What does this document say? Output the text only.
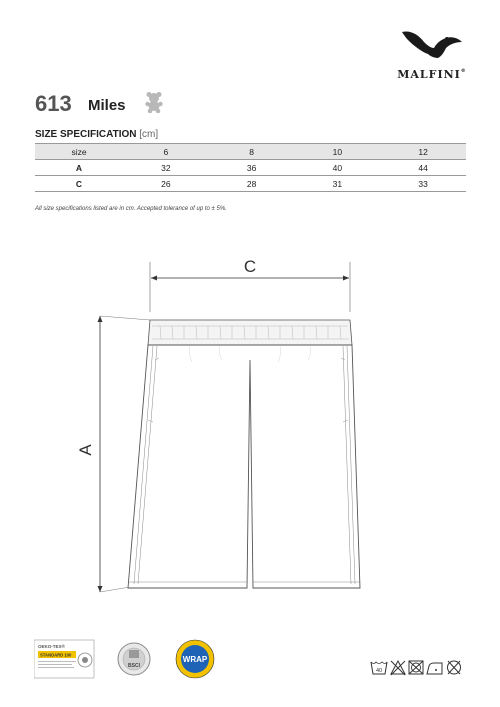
MALFINI®
613 Miles
SIZE SPECIFICATION [cm]
size	6	8	10	12
A	32	36	40	44
C	26	28	31	33
All size specifications listed are in cm. Accepted tolerance of up to ± 5%.
C
A
OEKO-TEX®
STANDARD 100
BSCI
WRAP
40
